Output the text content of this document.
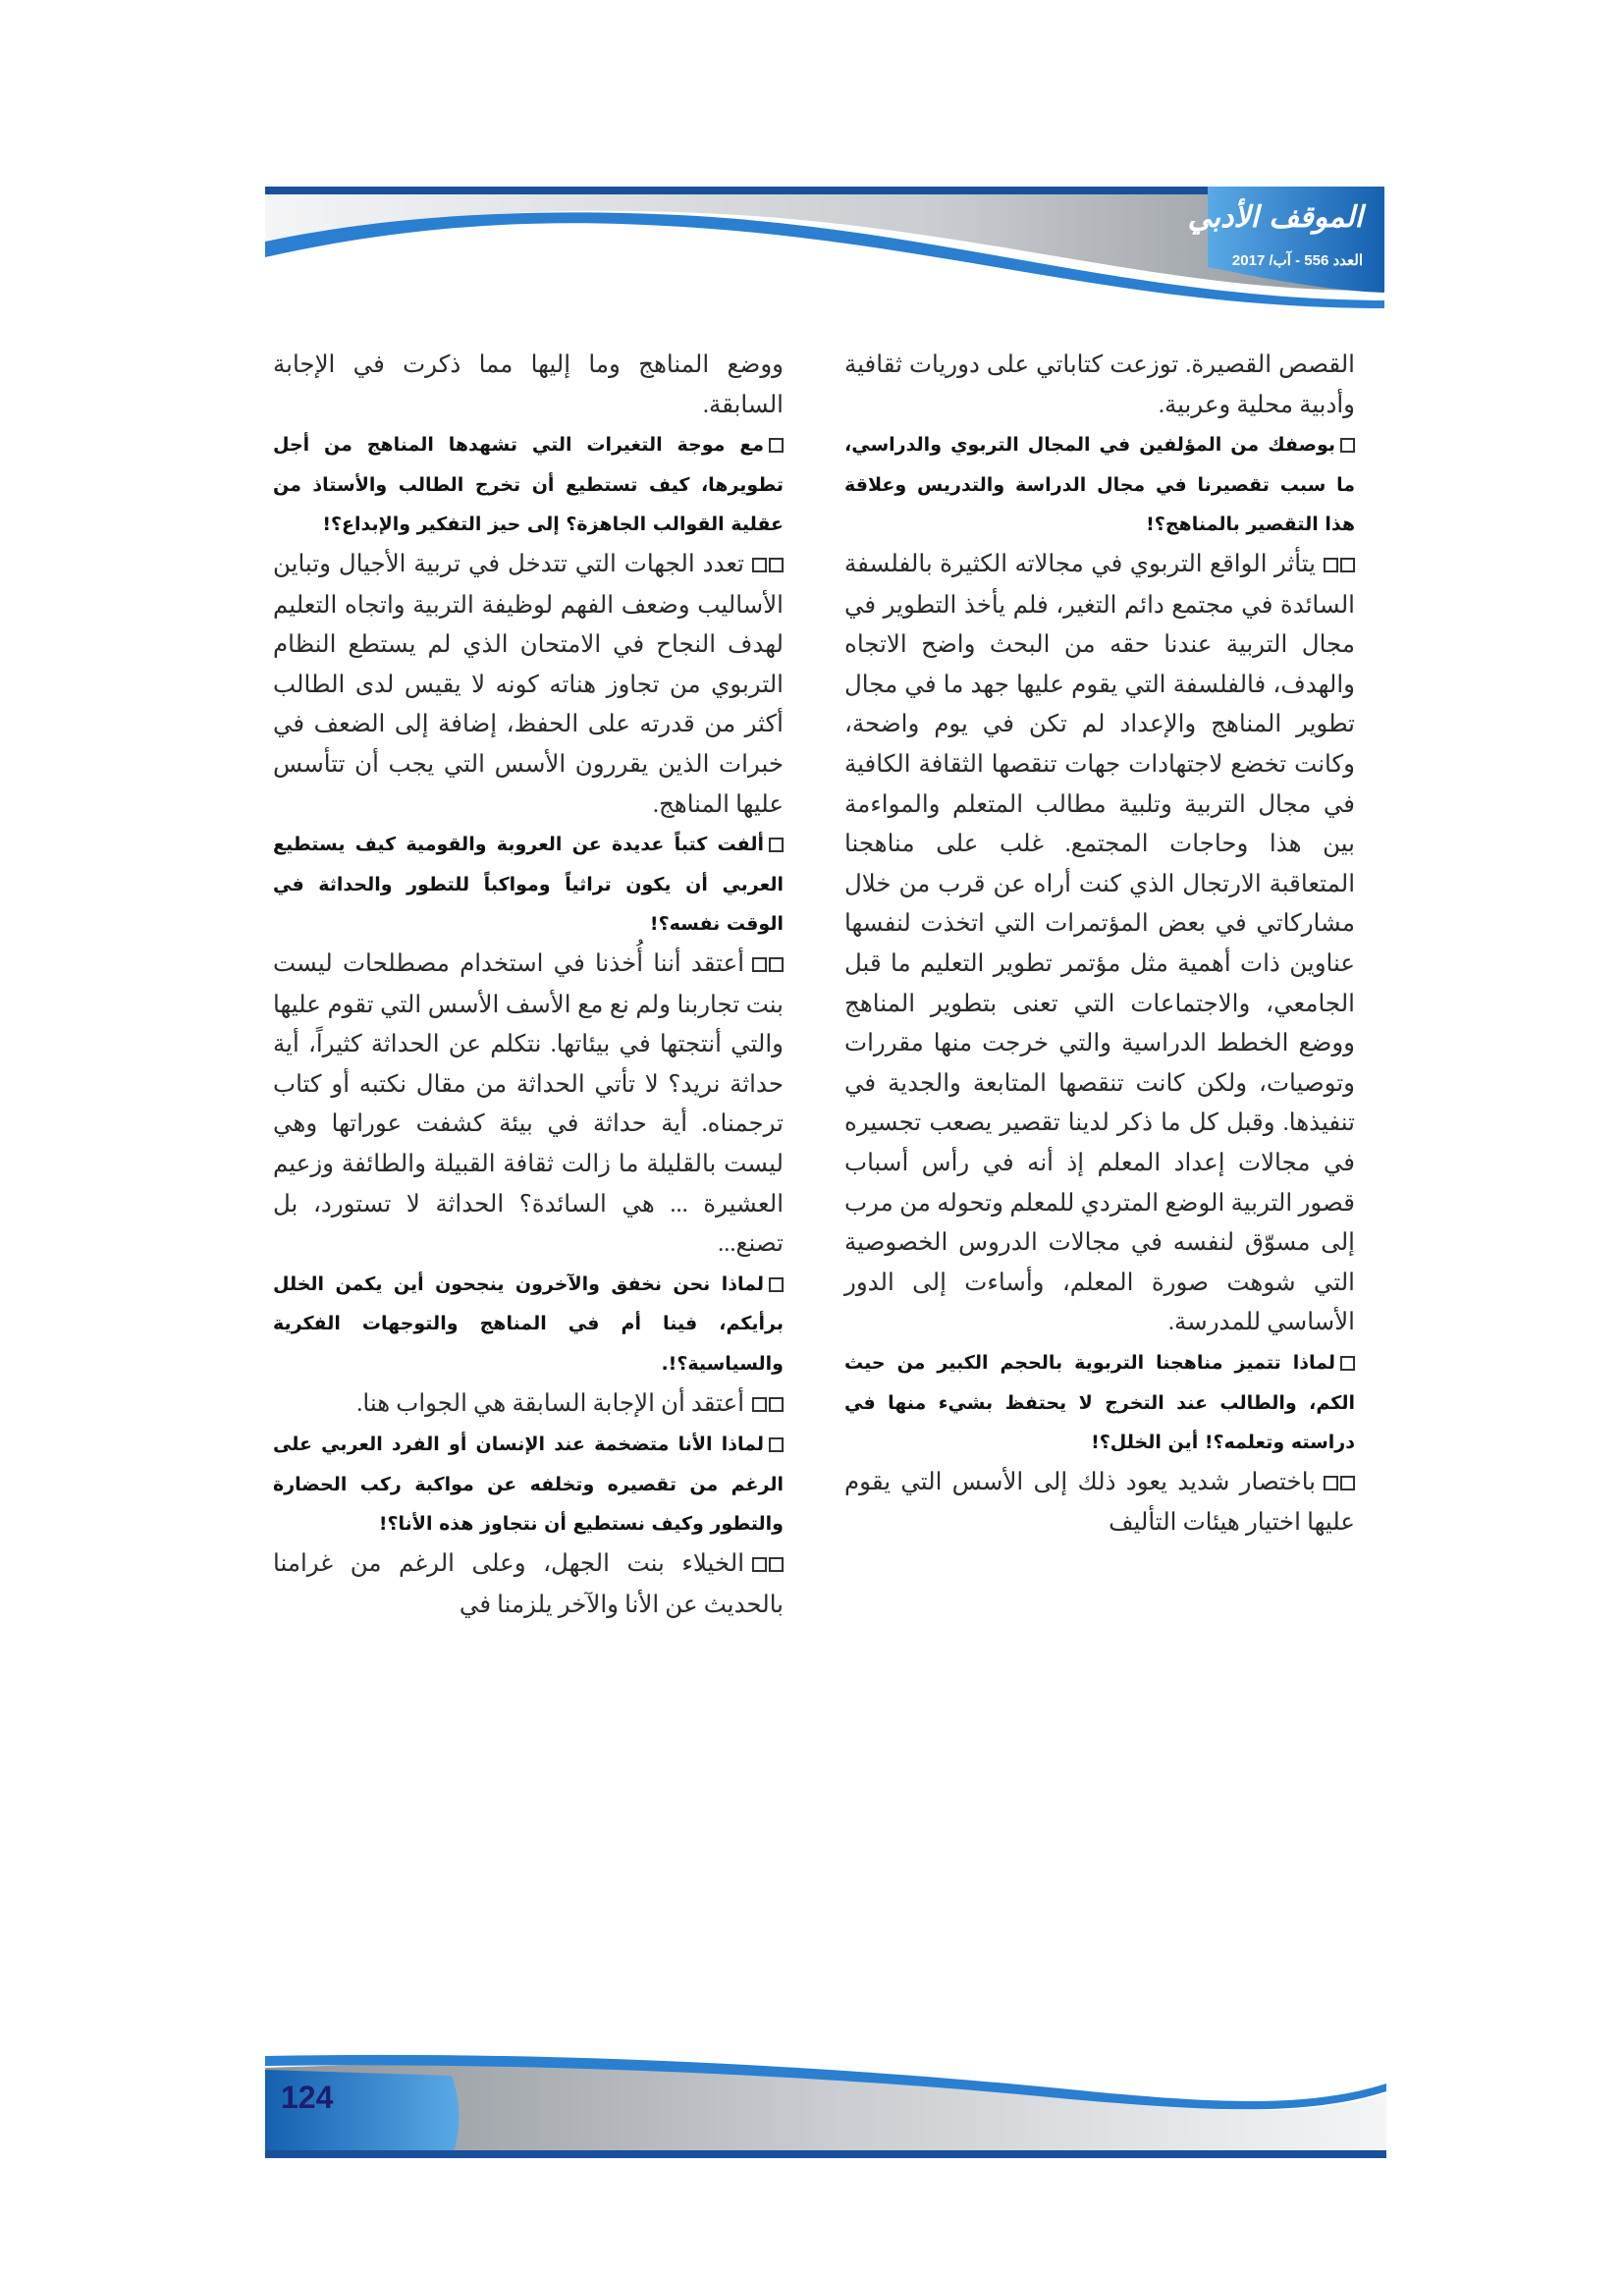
الموقف الأدبي
العدد 556 - آب/ 2017

القصص القصيرة. توزعت كتاباتي على دوريات ثقافية وأدبية محلية وعربية.

بوصفك من المؤلفين في المجال التربوي والدراسي، ما سبب تقصيرنا في مجال الدراسة والتدريس وعلاقة هذا التقصير بالمناهج؟!

يتأثر الواقع التربوي في مجالاته الكثيرة بالفلسفة السائدة في مجتمع دائم التغير، فلم يأخذ التطوير في مجال التربية عندنا حقه من البحث واضح الاتجاه والهدف، فالفلسفة التي يقوم عليها جهد ما في مجال تطوير المناهج والإعداد لم تكن في يوم واضحة، وكانت تخضع لاجتهادات جهات تنقصها الثقافة الكافية في مجال التربية وتلبية مطالب المتعلم والمواءمة بين هذا وحاجات المجتمع. غلب على مناهجنا المتعاقبة الارتجال الذي كنت أراه عن قرب من خلال مشاركاتي في بعض المؤتمرات التي اتخذت لنفسها عناوين ذات أهمية مثل مؤتمر تطوير التعليم ما قبل الجامعي، والاجتماعات التي تعنى بتطوير المناهج ووضع الخطط الدراسية والتي خرجت منها مقررات وتوصيات، ولكن كانت تنقصها المتابعة والجدية في تنفيذها. وقبل كل ما ذكر لدينا تقصير يصعب تجسيره في مجالات إعداد المعلم إذ أنه في رأس أسباب قصور التربية الوضع المتردي للمعلم وتحوله من مرب إلى مسوّق لنفسه في مجالات الدروس الخصوصية التي شوهت صورة المعلم، وأساءت إلى الدور الأساسي للمدرسة.

لماذا تتميز مناهجنا التربوية بالحجم الكبير من حيث الكم، والطالب عند التخرج لا يحتفظ بشيء منها في دراسته وتعلمه؟! أين الخلل؟!

باختصار شديد يعود ذلك إلى الأسس التي يقوم عليها اختيار هيئات التأليف

ووضع المناهج وما إليها مما ذكرت في الإجابة السابقة.

مع موجة التغيرات التي تشهدها المناهج من أجل تطويرها، كيف تستطيع أن تخرج الطالب والأستاذ من عقلية القوالب الجاهزة؟ إلى حيز التفكير والإبداع؟!

تعدد الجهات التي تتدخل في تربية الأجيال وتباين الأساليب وضعف الفهم لوظيفة التربية واتجاه التعليم لهدف النجاح في الامتحان الذي لم يستطع النظام التربوي من تجاوز هناته كونه لا يقيس لدى الطالب أكثر من قدرته على الحفظ، إضافة إلى الضعف في خبرات الذين يقررون الأسس التي يجب أن تتأسس عليها المناهج.

ألفت كتباً عديدة عن العروبة والقومية كيف يستطيع العربي أن يكون تراثياً ومواكباً للتطور والحداثة في الوقت نفسه؟!

أعتقد أننا أُخذنا في استخدام مصطلحات ليست بنت تجاربنا ولم نع مع الأسف الأسس التي تقوم عليها والتي أنتجتها في بيئاتها. نتكلم عن الحداثة كثيراً، أية حداثة نريد؟ لا تأتي الحداثة من مقال نكتبه أو كتاب ترجمناه. أية حداثة في بيئة كشفت عوراتها وهي ليست بالقليلة ما زالت ثقافة القبيلة والطائفة وزعيم العشيرة ... هي السائدة؟ الحداثة لا تستورد، بل تصنع...

لماذا نحن نخفق والآخرون ينجحون أين يكمن الخلل برأيكم، فينا أم في المناهج والتوجهات الفكرية والسياسية؟!.

أعتقد أن الإجابة السابقة هي الجواب هنا.

لماذا الأنا متضخمة عند الإنسان أو الفرد العربي على الرغم من تقصيره وتخلفه عن مواكبة ركب الحضارة والتطور وكيف نستطيع أن نتجاوز هذه الأنا؟!

الخيلاء بنت الجهل، وعلى الرغم من غرامنا بالحديث عن الأنا والآخر يلزمنا في

124
